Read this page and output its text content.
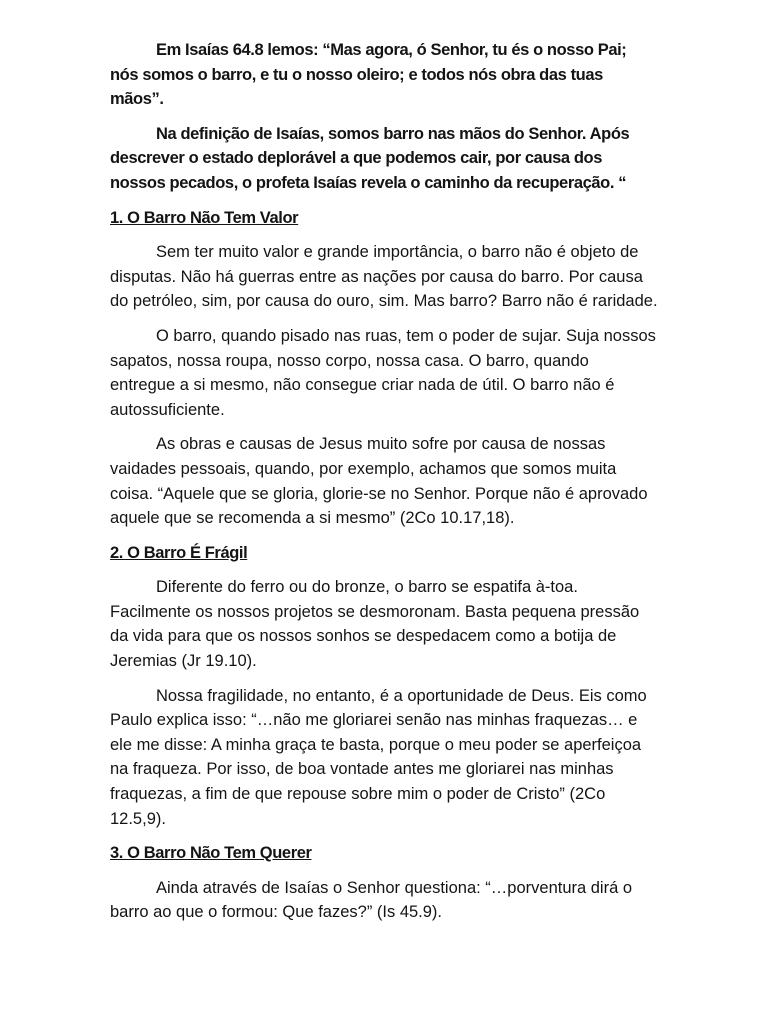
Em Isaías 64.8 lemos: “Mas agora, ó Senhor, tu és o nosso Pai; nós somos o barro, e tu o nosso oleiro; e todos nós obra das tuas mãos”.

Na definição de Isaías, somos barro nas mãos do Senhor. Após descrever o estado deplorável a que podemos cair, por causa dos nossos pecados, o profeta Isaías revela o caminho da recuperação. “

1. O Barro Não Tem Valor

Sem ter muito valor e grande importância, o barro não é objeto de disputas. Não há guerras entre as nações por causa do barro. Por causa do petróleo, sim, por causa do ouro, sim. Mas barro? Barro não é raridade.

O barro, quando pisado nas ruas, tem o poder de sujar. Suja nossos sapatos, nossa roupa, nosso corpo, nossa casa. O barro, quando entregue a si mesmo, não consegue criar nada de útil. O barro não é autossuficiente.

As obras e causas de Jesus muito sofre por causa de nossas vaidades pessoais, quando, por exemplo, achamos que somos muita coisa. “Aquele que se gloria, glorie-se no Senhor. Porque não é aprovado aquele que se recomenda a si mesmo” (2Co 10.17,18).

2. O Barro É Frágil

Diferente do ferro ou do bronze, o barro se espatifa à-toa. Facilmente os nossos projetos se desmoronam. Basta pequena pressão da vida para que os nossos sonhos se despedacem como a botija de Jeremias (Jr 19.10).

Nossa fragilidade, no entanto, é a oportunidade de Deus. Eis como Paulo explica isso: “…não me gloriarei senão nas minhas fraquezas… e ele me disse: A minha graça te basta, porque o meu poder se aperfeiçoa na fraqueza. Por isso, de boa vontade antes me gloriarei nas minhas fraquezas, a fim de que repouse sobre mim o poder de Cristo” (2Co 12.5,9).

3. O Barro Não Tem Querer

Ainda através de Isaías o Senhor questiona: “…porventura dirá o barro ao que o formou: Que fazes?” (Is 45.9).
